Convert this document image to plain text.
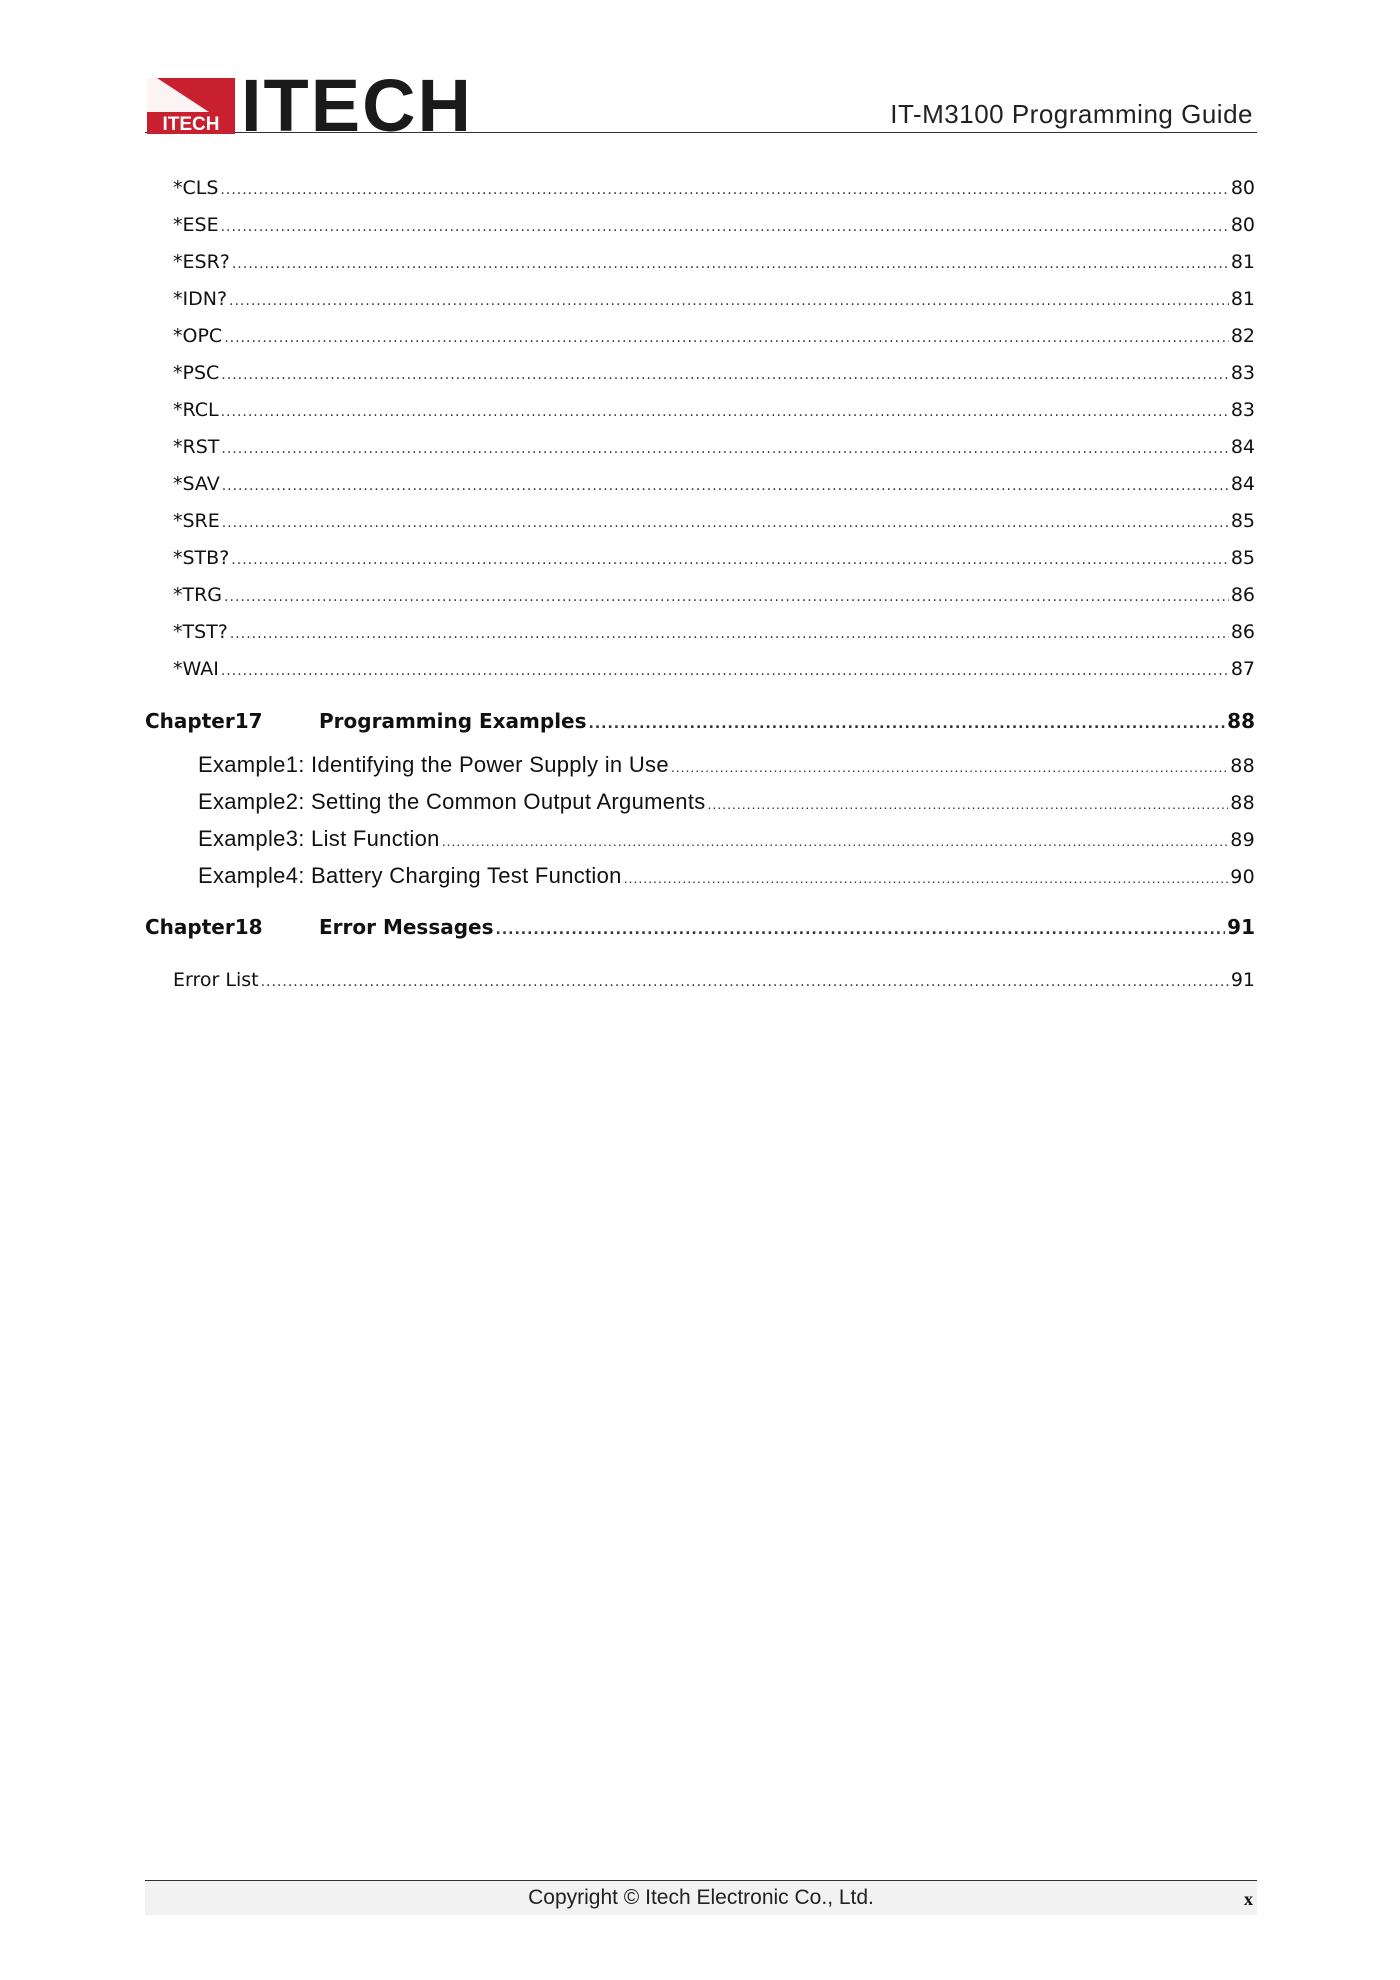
ITECH ITECH	IT-M3100 Programming Guide
*CLS .....	80
*ESE .....	80
*ESR? .....	81
*IDN? .....	81
*OPC .....	82
*PSC .....	83
*RCL .....	83
*RST .....	84
*SAV .....	84
*SRE .....	85
*STB? .....	85
*TRG .....	86
*TST? .....	86
*WAI .....	87
Chapter17	Programming Examples .....	88
Example1: Identifying the Power Supply in Use .....	88
Example2: Setting the Common Output Arguments .....	88
Example3: List Function .....	89
Example4: Battery Charging Test Function .....	90
Chapter18	Error Messages .....	91
Error List .....	91
Copyright © Itech Electronic Co., Ltd.	x
